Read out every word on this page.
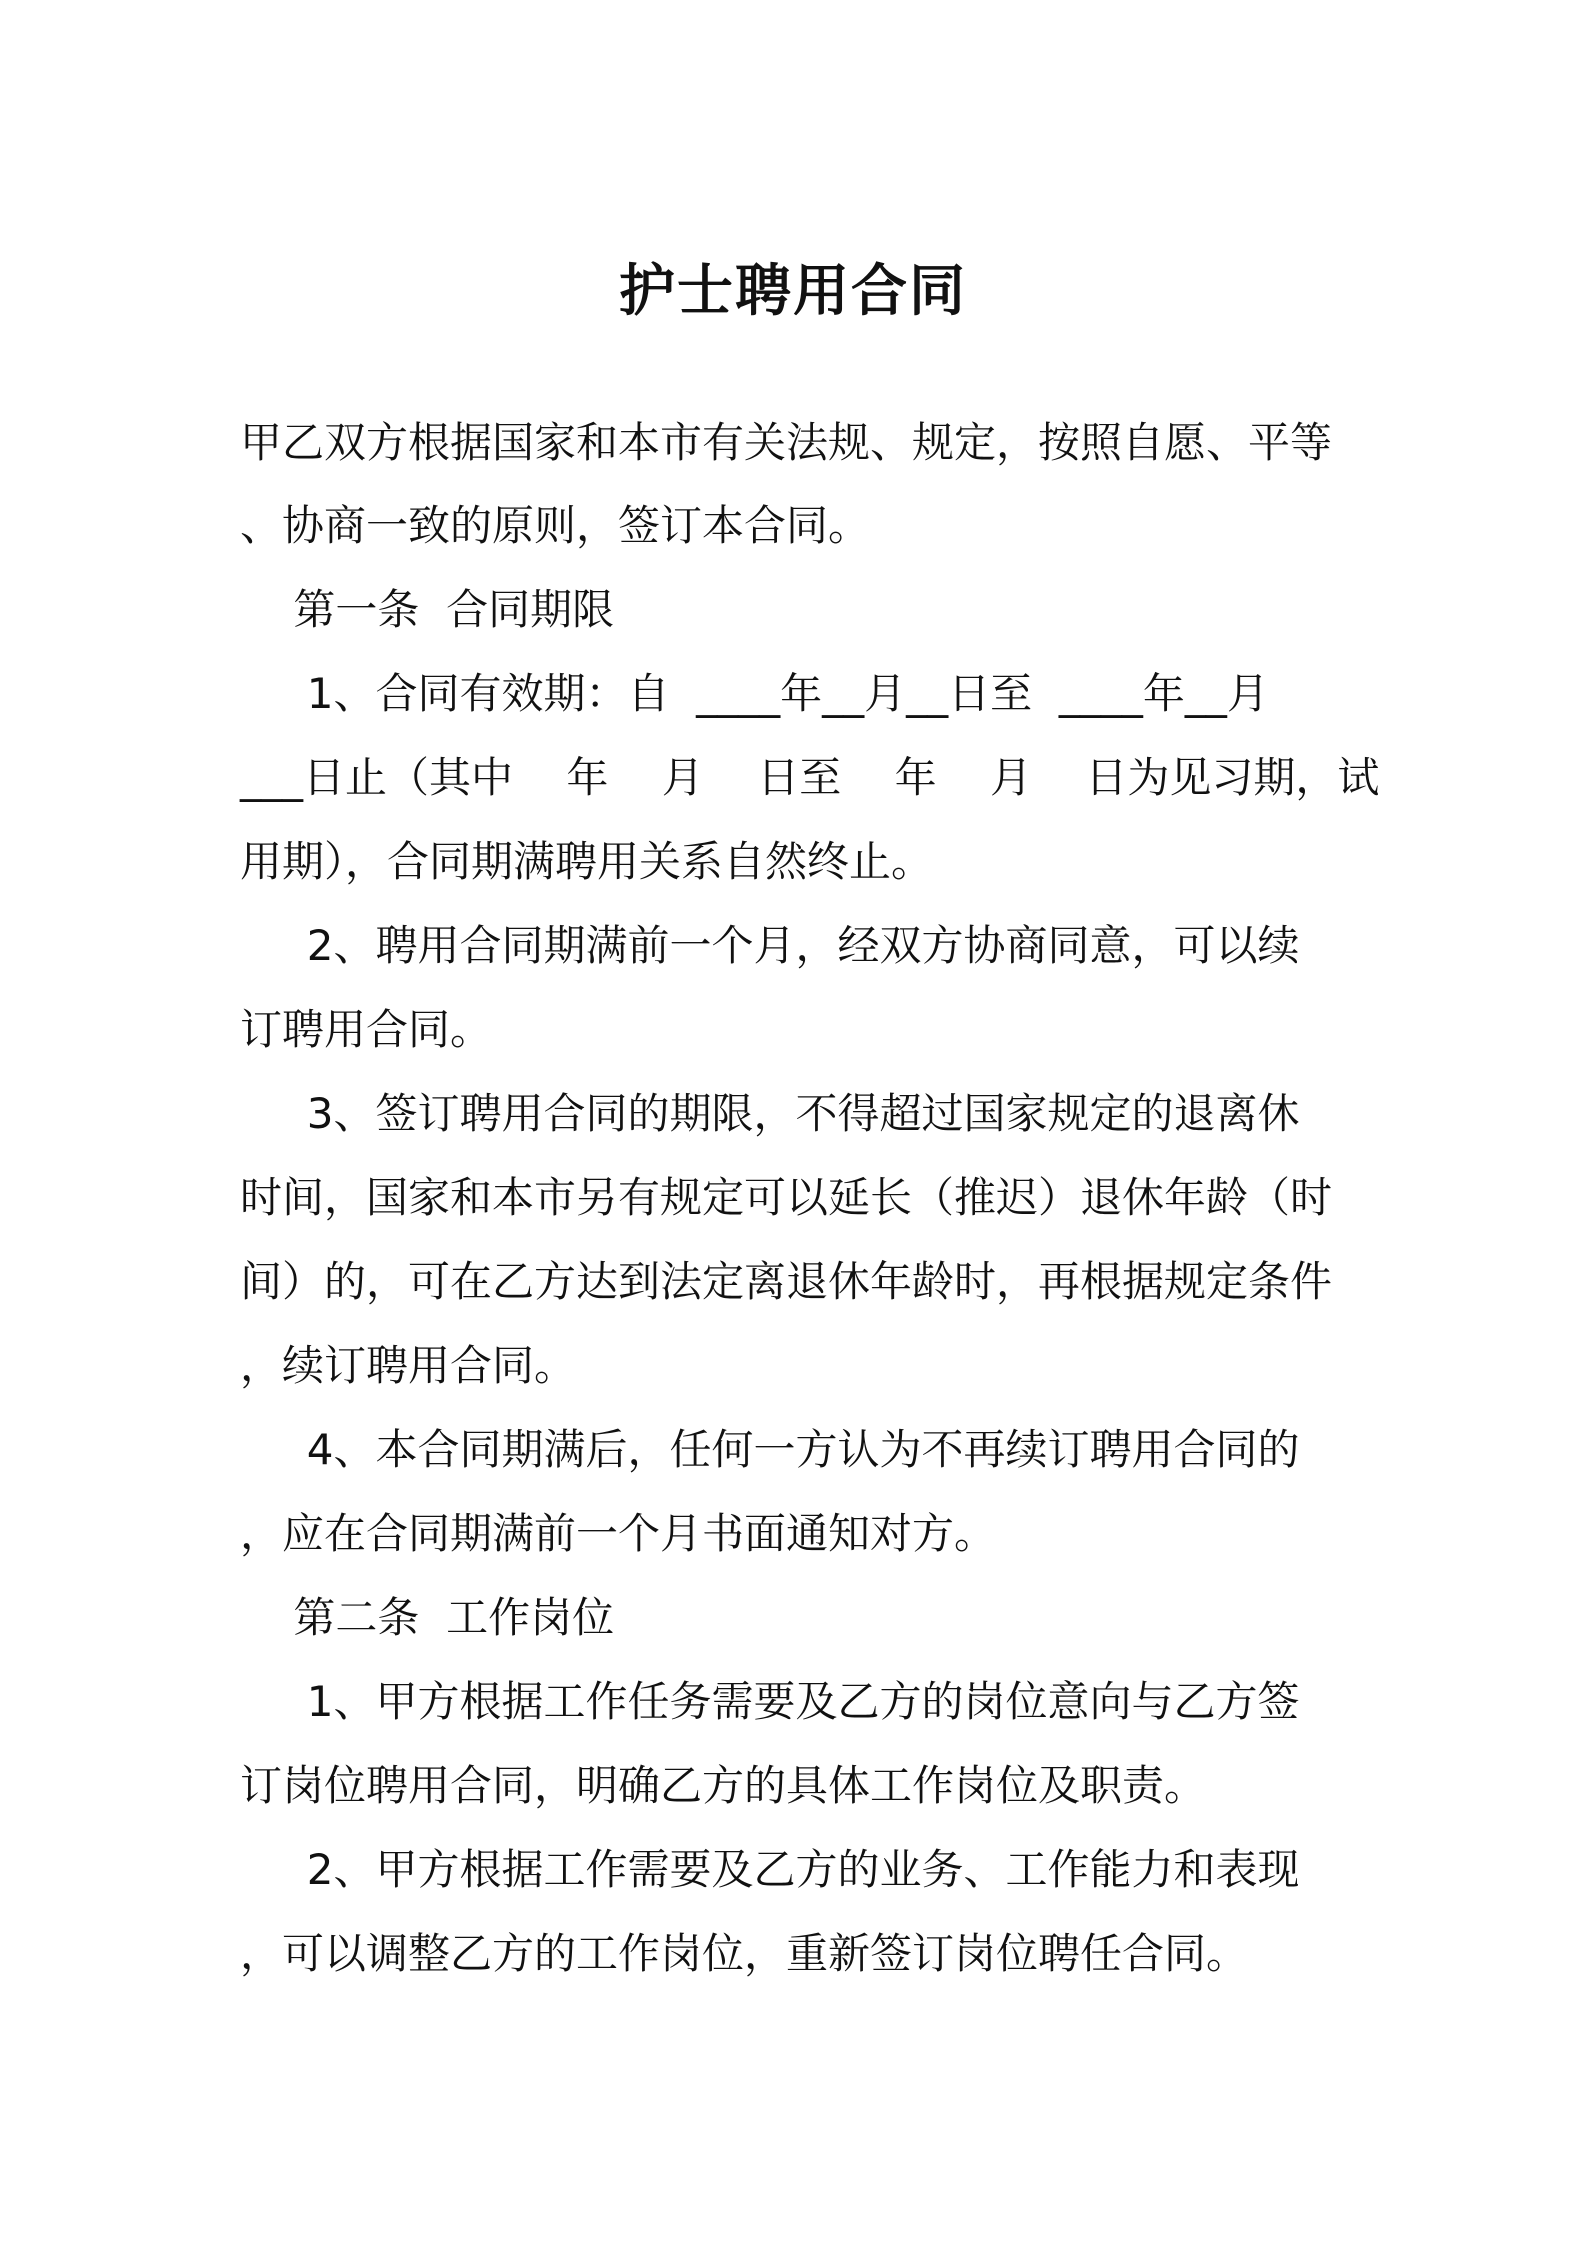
护士聘用合同
甲乙双方根据国家和本市有关法规、规定，按照自愿、平等
、协商一致的原则，签订本合同。
第一条  合同期限
1、合同有效期：自  ____年__月__日至  ____年__月
___日止（其中    年    月    日至    年    月    日为见习期，试
用期），合同期满聘用关系自然终止。
2、聘用合同期满前一个月，经双方协商同意，可以续
订聘用合同。
3、签订聘用合同的期限，不得超过国家规定的退离休
时间，国家和本市另有规定可以延长（推迟）退休年龄（时
间）的，可在乙方达到法定离退休年龄时，再根据规定条件
，续订聘用合同。
4、本合同期满后，任何一方认为不再续订聘用合同的
，应在合同期满前一个月书面通知对方。
第二条  工作岗位
1、甲方根据工作任务需要及乙方的岗位意向与乙方签
订岗位聘用合同，明确乙方的具体工作岗位及职责。
2、甲方根据工作需要及乙方的业务、工作能力和表现
，可以调整乙方的工作岗位，重新签订岗位聘任合同。
